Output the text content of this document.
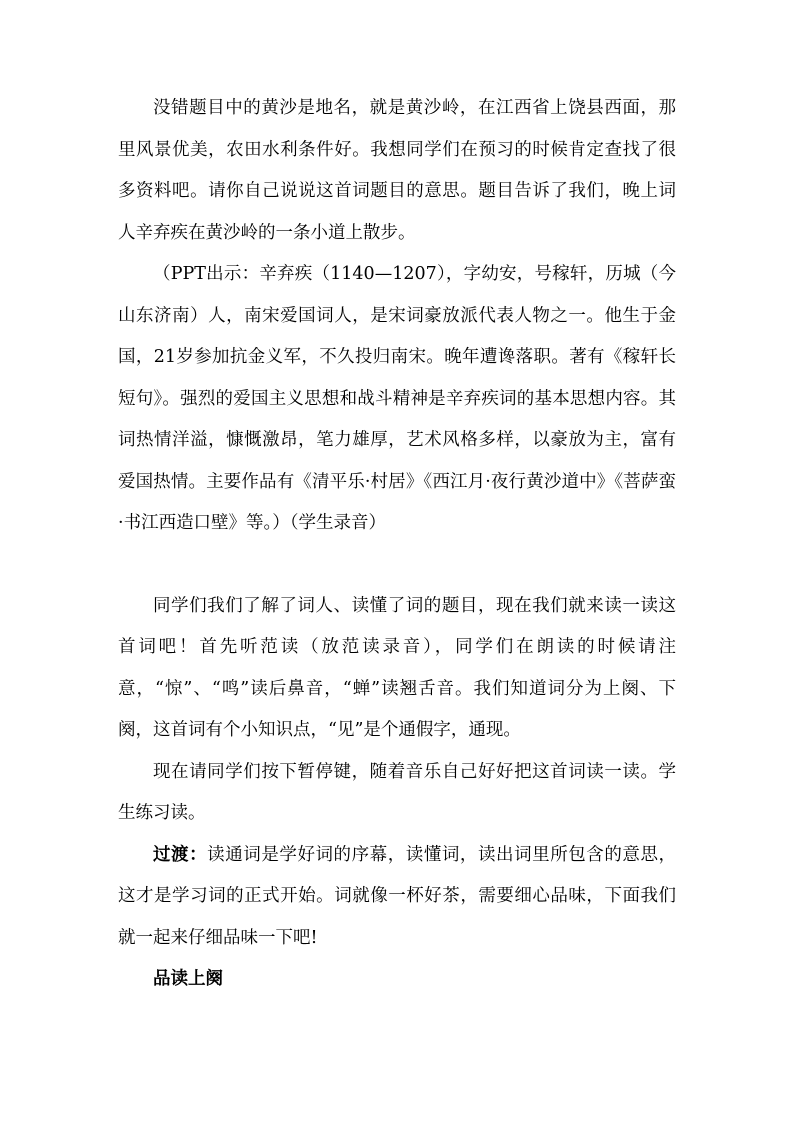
没错题目中的黄沙是地名，就是黄沙岭，在江西省上饶县西面，那里风景优美，农田水利条件好。我想同学们在预习的时候肯定查找了很多资料吧。请你自己说说这首词题目的意思。题目告诉了我们，晚上词人辛弃疾在黄沙岭的一条小道上散步。

（PPT出示：辛弃疾（1140—1207），字幼安，号稼轩，历城（今山东济南）人，南宋爱国词人，是宋词豪放派代表人物之一。他生于金国，21岁参加抗金义军，不久投归南宋。晚年遭谗落职。著有《稼轩长短句》。强烈的爱国主义思想和战斗精神是辛弃疾词的基本思想内容。其词热情洋溢，慷慨激昂，笔力雄厚，艺术风格多样，以豪放为主，富有爱国热情。主要作品有《清平乐·村居》《西江月·夜行黄沙道中》《菩萨蛮·书江西造口壁》等。）（学生录音）

同学们我们了解了词人、读懂了词的题目，现在我们就来读一读这首词吧！首先听范读（放范读录音），同学们在朗读的时候请注意，“惊”、“鸣”读后鼻音，“蝉”读翘舌音。我们知道词分为上阕、下阕，这首词有个小知识点，“见”是个通假字，通现。

现在请同学们按下暂停键，随着音乐自己好好把这首词读一读。学生练习读。

过渡：读通词是学好词的序幕，读懂词，读出词里所包含的意思，这才是学习词的正式开始。词就像一杯好茶，需要细心品味，下面我们就一起来仔细品味一下吧!

品读上阕
